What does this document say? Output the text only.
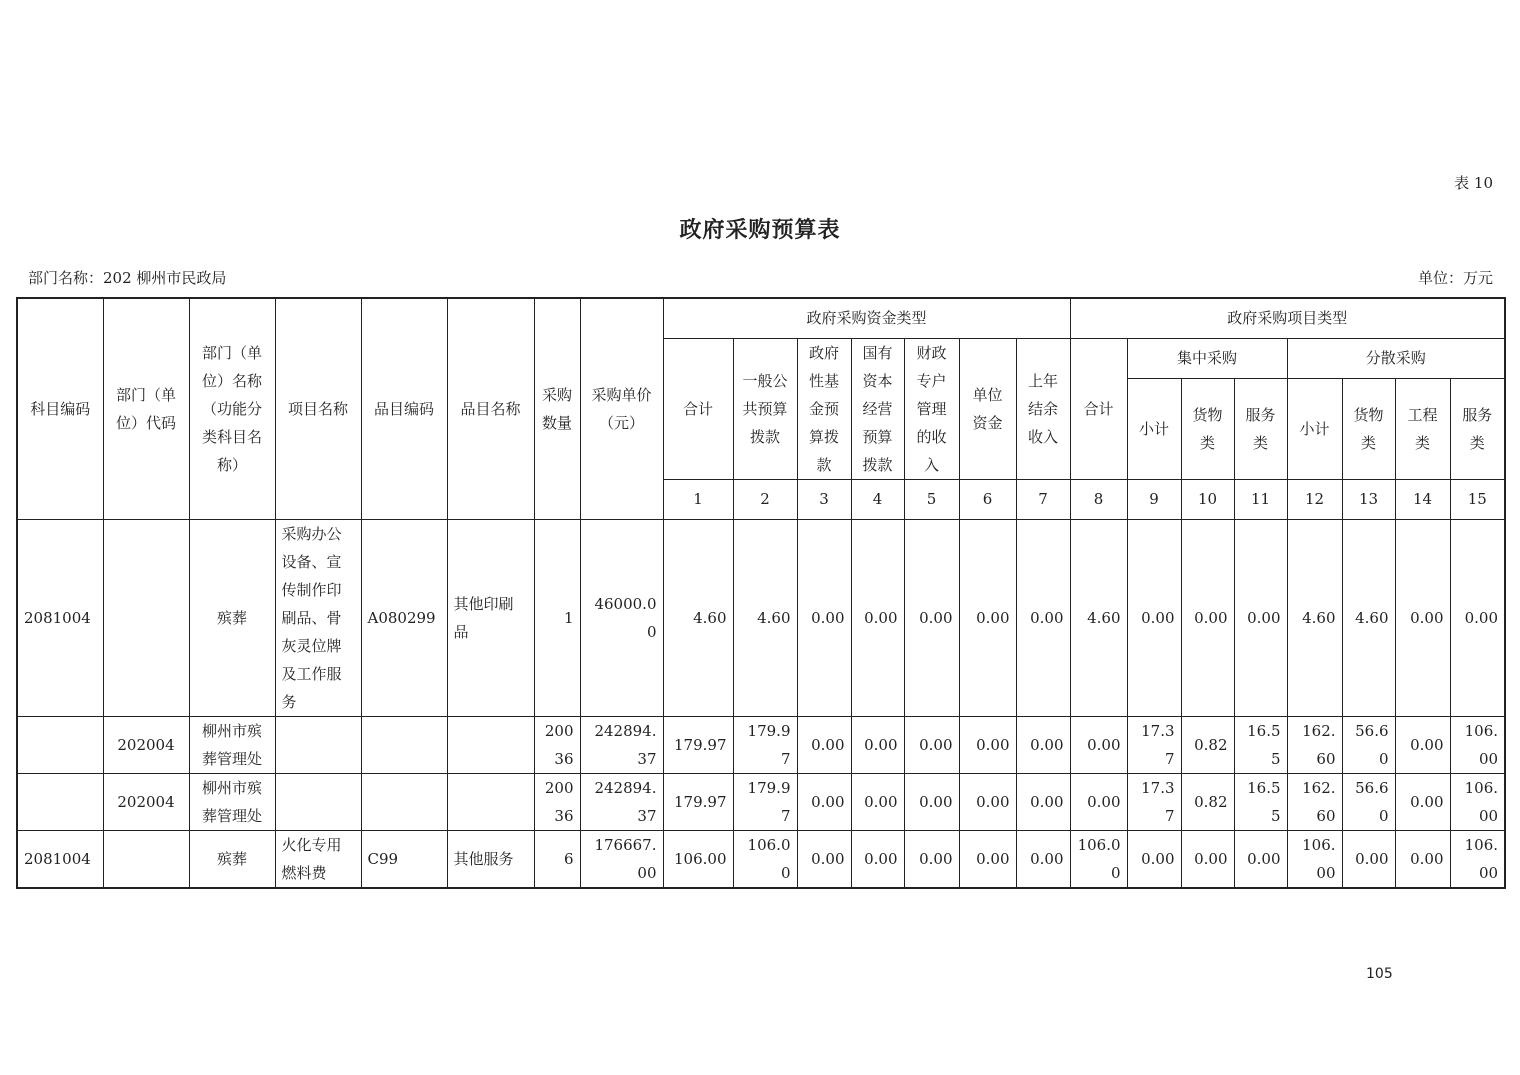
表 10
政府采购预算表
部门名称：202 柳州市民政局	单位：万元
科目编码	部门（单位）代码	部门（单位）名称（功能分类科目名称）	项目名称	品目编码	品目名称	采购数量	采购单价（元）	政府采购资金类型							政府采购项目类型							
								合计	一般公共预算拨款	政府性基金预算拨款	国有资本经营预算拨款	财政专户管理的收入	单位资金	上年结余收入	合计	集中采购			分散采购			
																小计	货物类	服务类	小计	货物类	工程类	服务类
								1	2	3	4	5	6	7	8	9	10	11	12	13	14	15
2081004		殡葬	采购办公设备、宣传制作印刷品、骨灰灵位牌及工作服务	A080299	其他印刷品	1	46000.00	4.60	4.60	0.00	0.00	0.00	0.00	0.00	4.60	0.00	0.00	0.00	4.60	4.60	0.00	0.00
	202004	柳州市殡葬管理处				20036	242894.37	179.97	179.97	0.00	0.00	0.00	0.00	0.00	0.00	17.37	0.82	16.55	162.60	56.60	0.00	106.00
	202004	柳州市殡葬管理处				20036	242894.37	179.97	179.97	0.00	0.00	0.00	0.00	0.00	0.00	17.37	0.82	16.55	162.60	56.60	0.00	106.00
2081004		殡葬	火化专用燃料费	C99	其他服务	6	176667.00	106.00	106.00	0.00	0.00	0.00	0.00	0.00	106.00	0.00	0.00	0.00	106.00	0.00	0.00	106.00
105
